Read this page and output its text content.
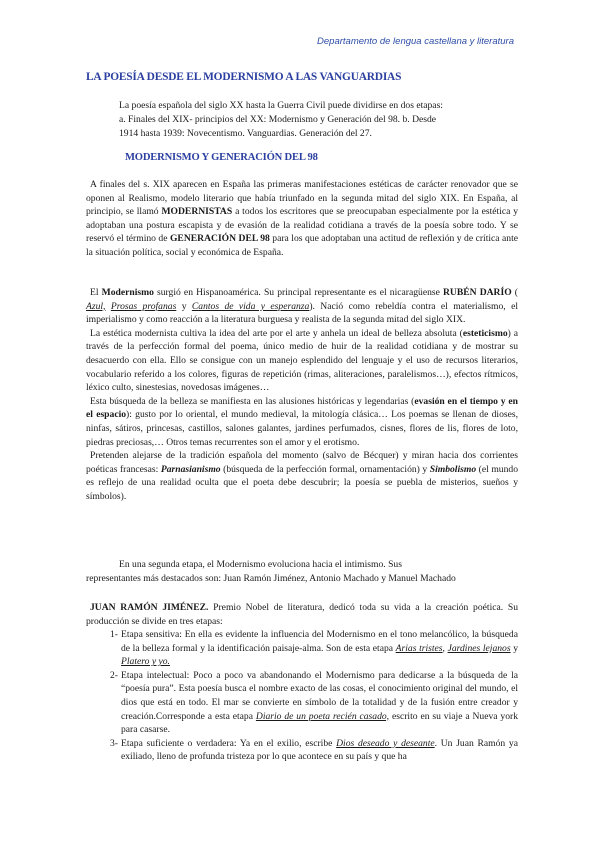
Departamento de lengua castellana y literatura
LA POESÍA DESDE EL MODERNISMO A LAS VANGUARDIAS
La poesía española del siglo XX hasta la Guerra Civil puede dividirse en dos etapas:
a. Finales del XIX- principios del XX: Modernismo y Generación del 98. b. Desde
1914 hasta 1939: Novecentismo. Vanguardias. Generación del 27.
MODERNISMO Y GENERACIÓN DEL 98

A finales del s. XIX aparecen en España las primeras manifestaciones estéticas de carácter renovador que se oponen al Realismo, modelo literario que había triunfado en la segunda mitad del siglo XIX. En España, al principio, se llamó MODERNISTAS a todos los escritores que se preocupaban especialmente por la estética y adoptaban una postura escapista y de evasión de la realidad cotidiana a través de la poesía sobre todo. Y se reservó el término de GENERACIÓN DEL 98 para los que adoptaban una actitud de reflexión y de crítica ante la situación política, social y económica de España.

El Modernismo surgió en Hispanoamérica. Su principal representante es el nicaragüense RUBÉN DARÍO ( Azul, Prosas profanas y Cantos de vida y esperanza). Nació como rebeldía contra el materialismo, el imperialismo y como reacción a la literatura burguesa y realista de la segunda mitad del siglo XIX.

La estética modernista cultiva la idea del arte por el arte y anhela un ideal de belleza absoluta (esteticismo) a través de la perfección formal del poema, único medio de huir de la realidad cotidiana y de mostrar su desacuerdo con ella. Ello se consigue con un manejo esplendido del lenguaje y el uso de recursos literarios, vocabulario referido a los colores, figuras de repetición (rimas, aliteraciones, paralelismos…), efectos rítmicos, léxico culto, sinestesias, novedosas imágenes…

Esta búsqueda de la belleza se manifiesta en las alusiones históricas y legendarias (evasión en el tiempo y en el espacio): gusto por lo oriental, el mundo medieval, la mitología clásica… Los poemas se llenan de dioses, ninfas, sátiros, princesas, castillos, salones galantes, jardines perfumados, cisnes, flores de lis, flores de loto, piedras preciosas,… Otros temas recurrentes son el amor y el erotismo.

Pretenden alejarse de la tradición española del momento (salvo de Bécquer) y miran hacia dos corrientes poéticas francesas: Parnasianismo (búsqueda de la perfección formal, ornamentación) y Simbolismo (el mundo es reflejo de una realidad oculta que el poeta debe descubrir; la poesía se puebla de misterios, sueños y símbolos).

En una segunda etapa, el Modernismo evoluciona hacia el intimismo. Sus
representantes más destacados son: Juan Ramón Jiménez, Antonio Machado y Manuel Machado

JUAN RAMÓN JIMÉNEZ. Premio Nobel de literatura, dedicó toda su vida a la creación poética. Su producción se divide en tres etapas:

1- Etapa sensitiva: En ella es evidente la influencia del Modernismo en el tono melancólico, la búsqueda de la belleza formal y la identificación paisaje-alma. Son de esta etapa Arias tristes, Jardines lejanos y Platero y yo.
2- Etapa intelectual: Poco a poco va abandonando el Modernismo para dedicarse a la búsqueda de la “poesía pura”. Esta poesía busca el nombre exacto de las cosas, el conocimiento original del mundo, el dios que está en todo. El mar se convierte en símbolo de la totalidad y de la fusión entre creador y creación.Corresponde a esta etapa Diario de un poeta recién casado, escrito en su viaje a Nueva york para casarse.
3- Etapa suficiente o verdadera: Ya en el exilio, escribe Dios deseado y deseante. Un Juan Ramón ya exiliado, lleno de profunda tristeza por lo que acontece en su país y que ha
